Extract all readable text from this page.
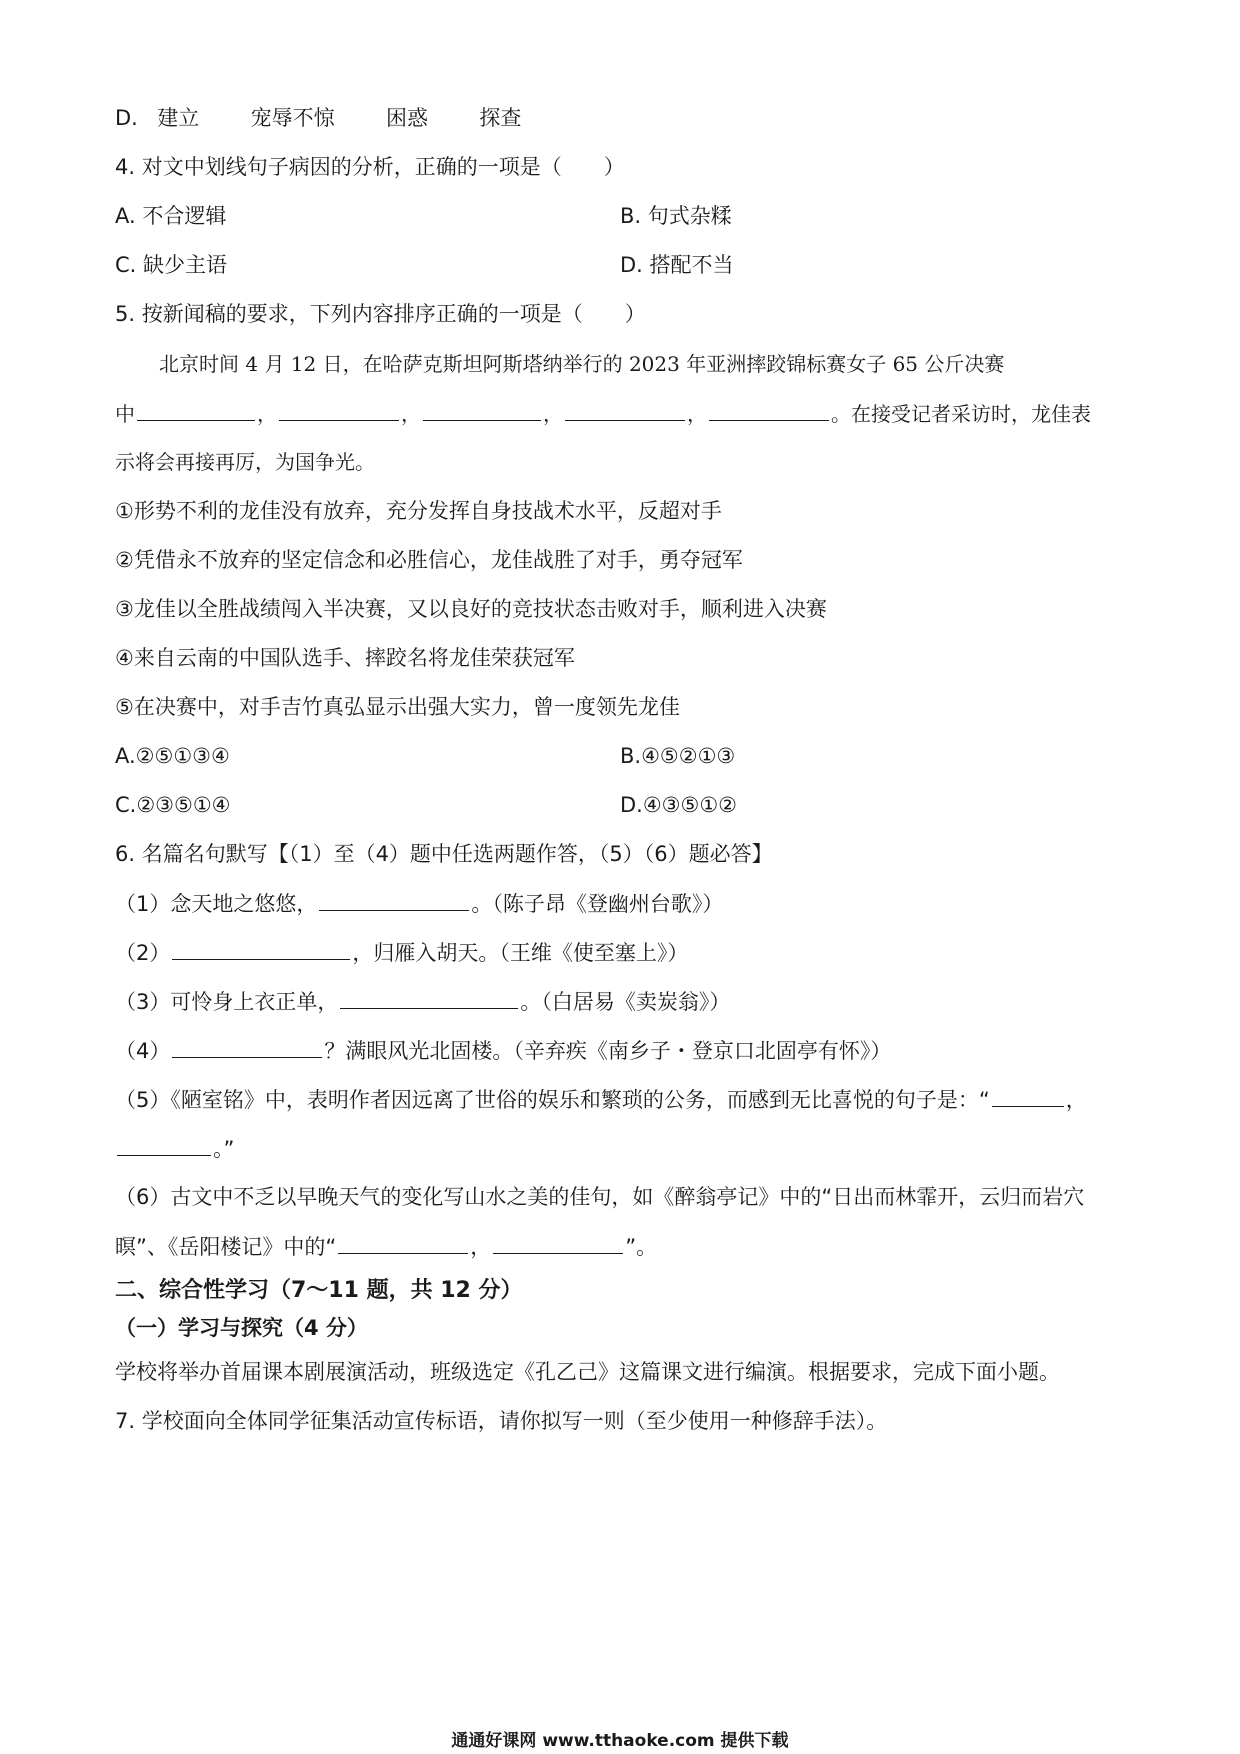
D. 建立 宠辱不惊 困惑 探查
4. 对文中划线句子病因的分析，正确的一项是（　　）
A. 不合逻辑	B. 句式杂糅
C. 缺少主语	D. 搭配不当
5. 按新闻稿的要求，下列内容排序正确的一项是（　　）
北京时间 4 月 12 日，在哈萨克斯坦阿斯塔纳举行的 2023 年亚洲摔跤锦标赛女子 65 公斤决赛
中	，	，	，	，	。在接受记者采访时，龙佳表
示将会再接再厉，为国争光。
①形势不利的龙佳没有放弃，充分发挥自身技战术水平，反超对手
②凭借永不放弃的坚定信念和必胜信心，龙佳战胜了对手，勇夺冠军
③龙佳以全胜战绩闯入半决赛，又以良好的竞技状态击败对手，顺利进入决赛
④来自云南的中国队选手、摔跤名将龙佳荣获冠军
⑤在决赛中，对手吉竹真弘显示出强大实力，曾一度领先龙佳
A.②⑤①③④	B.④⑤②①③
C.②③⑤①④	D.④③⑤①②
6. 名篇名句默写【（1）至（4）题中任选两题作答，（5）（6）题必答】
（1）念天地之悠悠，	。（陈子昂《登幽州台歌》）
（2）	，归雁入胡天。（王维《使至塞上》）
（3）可怜身上衣正单，	。（白居易《卖炭翁》）
（4）	？满眼风光北固楼。（辛弃疾《南乡子・登京口北固亭有怀》）
（5）《陋室铭》中，表明作者因远离了世俗的娱乐和繁琐的公务，而感到无比喜悦的句子是：“	，
。”
（6）古文中不乏以早晚天气的变化写山水之美的佳句，如《醉翁亭记》中的“日出而林霏开，云归而岩穴
暝”、《岳阳楼记》中的“	，	”。
二、综合性学习（7～11 题，共 12 分）
（一）学习与探究（4 分）
学校将举办首届课本剧展演活动，班级选定《孔乙己》这篇课文进行编演。根据要求，完成下面小题。
7. 学校面向全体同学征集活动宣传标语，请你拟写一则（至少使用一种修辞手法）。
通通好课网 www.tthaoke.com 提供下载
